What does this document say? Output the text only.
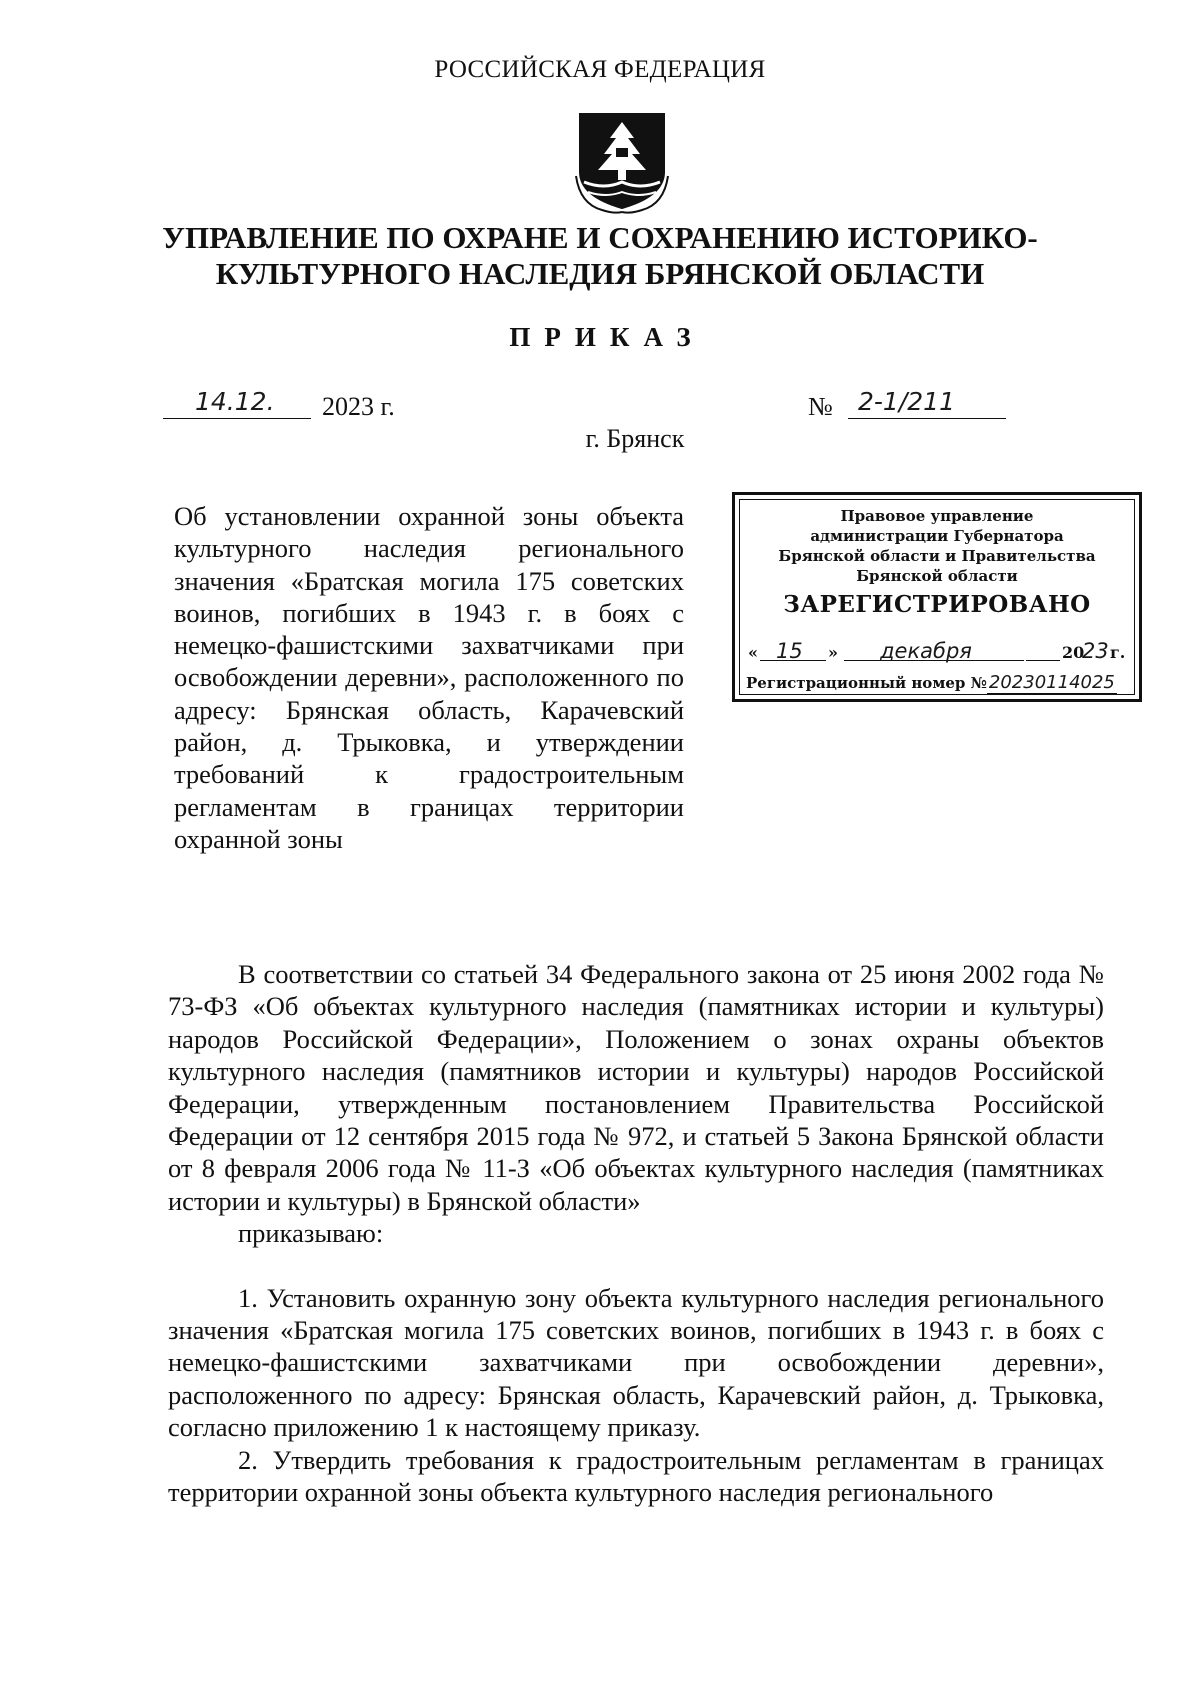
РОССИЙСКАЯ ФЕДЕРАЦИЯ
УПРАВЛЕНИЕ ПО ОХРАНЕ И СОХРАНЕНИЮ ИСТОРИКО-
КУЛЬТУРНОГО НАСЛЕДИЯ БРЯНСКОЙ ОБЛАСТИ
ПРИКАЗ
14.12. 2023 г.	№ 2-1/211
г. Брянск
Об установлении охранной зоны объекта культурного наследия регионального значения «Братская могила 175 советских воинов, погибших в 1943 г. в боях с немецко-фашистскими захватчиками при освобождении деревни», расположенного по адресу: Брянская область, Карачевский район, д. Трыковка, и утверждении требований к градостроительным регламентам в границах территории охранной зоны
Правовое управление
администрации Губернатора
Брянской области и Правительства
Брянской области
ЗАРЕГИСТРИРОВАНО
« 15 » декабря	20
23 г.
Регистрационный номер № 20230114025
В соответствии со статьей 34 Федерального закона от 25 июня 2002 года № 73-ФЗ «Об объектах культурного наследия (памятниках истории и культуры) народов Российской Федерации», Положением о зонах охраны объектов культурного наследия (памятников истории и культуры) народов Российской Федерации, утвержденным постановлением Правительства Российской Федерации от 12 сентября 2015 года № 972, и статьей 5 Закона Брянской области от 8 февраля 2006 года № 11-З «Об объектах культурного наследия (памятниках истории и культуры) в Брянской области»
приказываю:
1. Установить охранную зону объекта культурного наследия регионального значения «Братская могила 175 советских воинов, погибших в 1943 г. в боях с немецко-фашистскими захватчиками при освобождении деревни», расположенного по адресу: Брянская область, Карачевский район, д. Трыковка, согласно приложению 1 к настоящему приказу.
2. Утвердить требования к градостроительным регламентам в границах территории охранной зоны объекта культурного наследия регионального
